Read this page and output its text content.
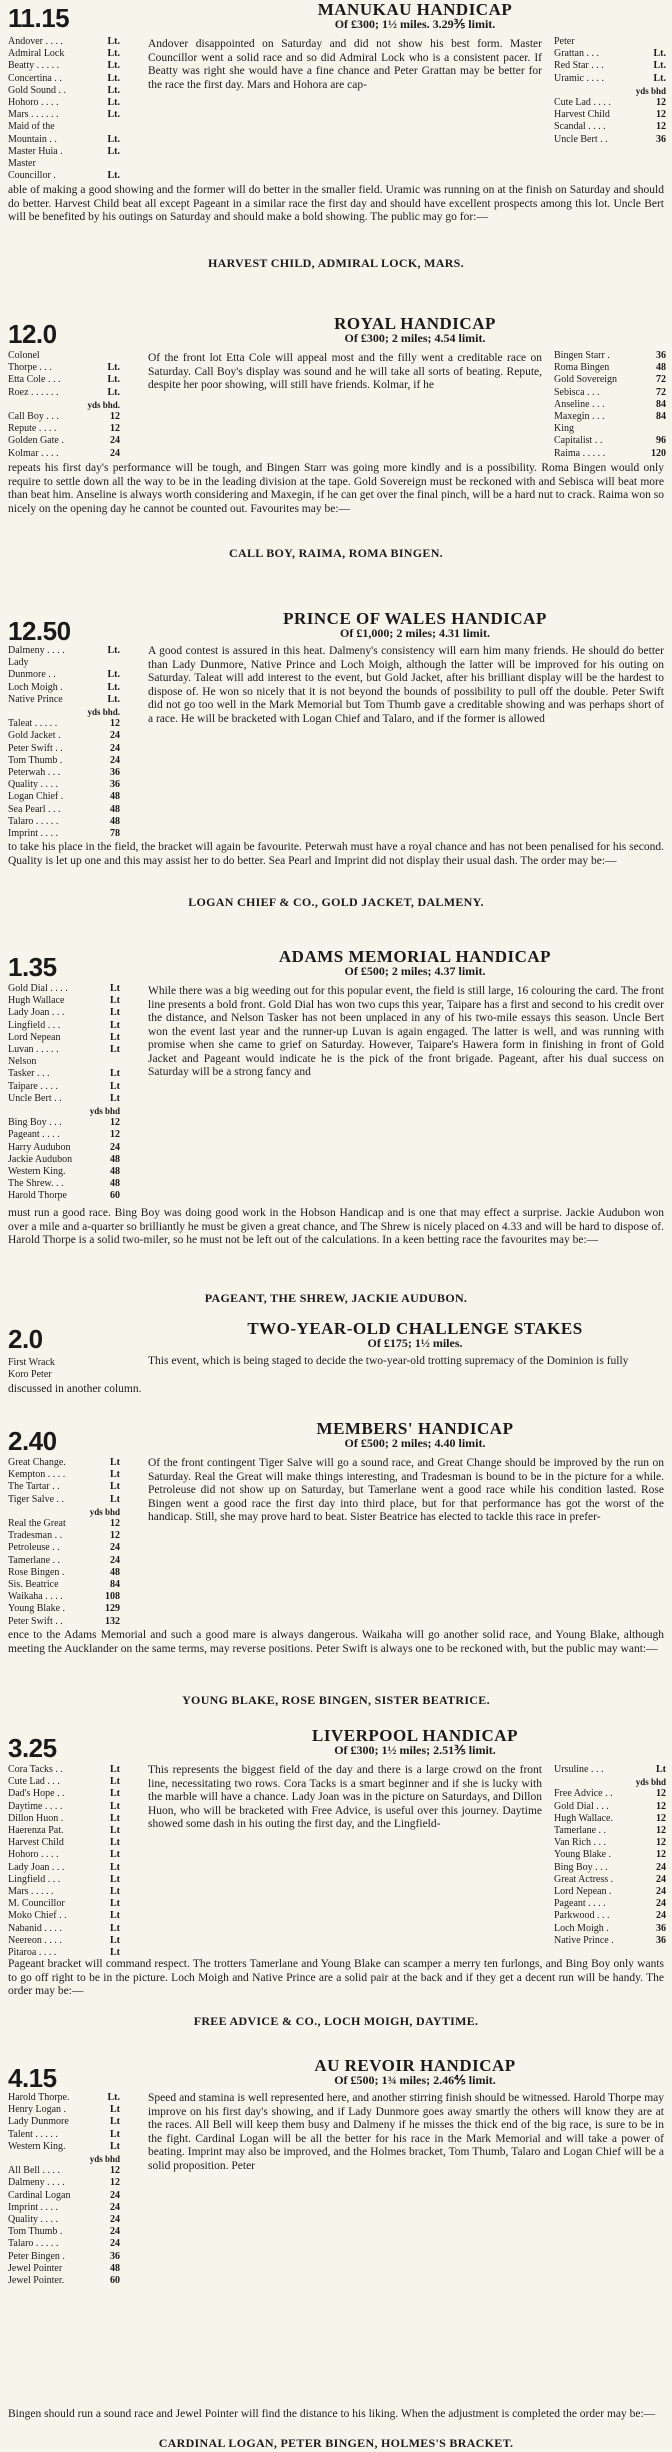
11.15	MANUKAU HANDICAP
Of £300; 1½ miles. 3.29⅗ limit.
Andover . . . .	Lt.
Admiral Lock	Lt.
Beatty . . . . .	Lt.
Concertina . .	Lt.
Gold Sound . .	Lt.
Hohoro . . . .	Lt.
Mars . . . . . .	Lt.
Maid of the
Mountain . .	Lt.
Master Huia .	Lt.
Master
Councillor .	Lt.
Peter
Grattan . . .	Lt.
Red Star . . .	Lt.
Uramic . . . .	Lt.
yds bhd
Cute Lad . . . .	12
Harvest Child	12
Scandal . . . .	12
Uncle Bert . .	36
Andover disappointed on Saturday and did not show his best form. Master Councillor went a solid race and so did Admiral Lock who is a consistent pacer. If Beatty was right she would have a fine chance and Peter Grattan may be better for the race the first day. Mars and Hohora are cap-
able of making a good showing and the former will do better in the smaller field. Uramic was running on at the finish on Saturday and should do better. Harvest Child beat all except Pageant in a similar race the first day and should have excellent prospects among this lot. Uncle Bert will be benefited by his outings on Saturday and should make a bold showing. The public may go for:—
HARVEST CHILD, ADMIRAL LOCK, MARS.
12.0	ROYAL HANDICAP
Of £300; 2 miles; 4.54 limit.
Colonel
Thorpe . . .	Lt.
Etta Cole . . .	Lt.
Roez . . . . . .	Lt.
yds bhd.
Call Boy . . .	12
Repute . . . .	12
Golden Gate .	24
Kolmar . . . .	24
Bingen Starr .	36
Roma Bingen	48
Gold Sovereign	72
Sebisca . . .	72
Anseline . . .	84
Maxegin . . .	84
King
Capitalist . .	96
Raima . . . . .	120
Of the front lot Etta Cole will appeal most and the filly went a creditable race on Saturday. Call Boy's display was sound and he will take all sorts of beating. Repute, despite her poor showing, will still have friends. Kolmar, if he
repeats his first day's performance will be tough, and Bingen Starr was going more kindly and is a possibility. Roma Bingen would only require to settle down all the way to be in the leading division at the tape. Gold Sovereign must be reckoned with and Sebisca will beat more than beat him. Anseline is always worth considering and Maxegin, if he can get over the final pinch, will be a hard nut to crack. Raima won so nicely on the opening day he cannot be counted out. Favourites may be:—
CALL BOY, RAIMA, ROMA BINGEN.
12.50	PRINCE OF WALES HANDICAP
Of £1,000; 2 miles; 4.31 limit.
Dalmeny . . . .	Lt.
Lady
Dunmore . .	Lt.
Loch Moigh .	Lt.
Native Prince	Lt.
yds bhd.
Taleat . . . . .	12
Gold Jacket .	24
Peter Swift . .	24
Tom Thumb .	24
Peterwah . . .	36
Quality . . . .	36
Logan Chief .	48
Sea Pearl . . .	48
Talaro . . . . .	48
Imprint . . . .	78
A good contest is assured in this heat. Dalmeny's consistency will earn him many friends. He should do better than Lady Dunmore, Native Prince and Loch Moigh, although the latter will be improved for his outing on Saturday. Taleat will add interest to the event, but Gold Jacket, after his brilliant display will be the hardest to dispose of. He won so nicely that it is not beyond the bounds of possibility to pull off the double. Peter Swift did not go too well in the Mark Memorial but Tom Thumb gave a creditable showing and was perhaps short of a race. He will be bracketed with Logan Chief and Talaro, and if the former is allowed
to take his place in the field, the bracket will again be favourite. Peterwah must have a royal chance and has not been penalised for his second. Quality is let up one and this may assist her to do better. Sea Pearl and Imprint did not display their usual dash. The order may be:—
LOGAN CHIEF & CO., GOLD JACKET, DALMENY.
1.35	ADAMS MEMORIAL HANDICAP
Of £500; 2 miles; 4.37 limit.
Gold Dial . . . .	Lt
Hugh Wallace	Lt
Lady Joan . . .	Lt
Lingfield . . .	Lt
Lord Nepean	Lt
Luvan . . . . .	Lt
Nelson
Tasker . . .	Lt
Taipare . . . .	Lt
Uncle Bert . .	Lt
yds bhd
Bing Boy . . .	12
Pageant . . . .	12
Harry Audubon	24
Jackie Audubon	48
Western King.	48
The Shrew. . .	48
Harold Thorpe	60
While there was a big weeding out for this popular event, the field is still large, 16 colouring the card. The front line presents a bold front. Gold Dial has won two cups this year, Taipare has a first and second to his credit over the distance, and Nelson Tasker has not been unplaced in any of his two-mile essays this season. Uncle Bert won the event last year and the runner-up Luvan is again engaged. The latter is well, and was running with promise when she came to grief on Saturday. However, Taipare's Hawera form in finishing in front of Gold Jacket and Pageant would indicate he is the pick of the front brigade. Pageant, after his dual success on Saturday will be a strong fancy and
must run a good race. Bing Boy was doing good work in the Hobson Handicap and is one that may effect a surprise. Jackie Audubon won over a mile and a-quarter so brilliantly he must be given a great chance, and The Shrew is nicely placed on 4.33 and will be hard to dispose of. Harold Thorpe is a solid two-miler, so he must not be left out of the calculations. In a keen betting race the favourites may be:—
PAGEANT, THE SHREW, JACKIE AUDUBON.
2.0	TWO-YEAR-OLD CHALLENGE STAKES
Of £175; 1½ miles.
First Wrack
Koro Peter
This event, which is being staged to decide the two-year-old trotting supremacy of the Dominion is fully
discussed in another column.
2.40	MEMBERS' HANDICAP
Of £500; 2 miles; 4.40 limit.
Great Change.	Lt
Kempton . . . .	Lt
The Tartar . .	Lt
Tiger Salve . .	Lt
yds bhd
Real the Great	12
Tradesman . .	12
Petroleuse . .	24
Tamerlane . .	24
Rose Bingen .	48
Sis. Beatrice	84
Waikaha . . . .	108
Young Blake .	129
Peter Swift . .	132
Of the front contingent Tiger Salve will go a sound race, and Great Change should be improved by the run on Saturday. Real the Great will make things interesting, and Tradesman is bound to be in the picture for a while. Petroleuse did not show up on Saturday, but Tamerlane went a good race while his condition lasted. Rose Bingen went a good race the first day into third place, but for that performance has got the worst of the handicap. Still, she may prove hard to beat. Sister Beatrice has elected to tackle this race in prefer-
ence to the Adams Memorial and such a good mare is always dangerous. Waikaha will go another solid race, and Young Blake, although meeting the Aucklander on the same terms, may reverse positions. Peter Swift is always one to be reckoned with, but the public may want:—
YOUNG BLAKE, ROSE BINGEN, SISTER BEATRICE.
3.25	LIVERPOOL HANDICAP
Of £300; 1½ miles; 2.51⅗ limit.
Cora Tacks . .	Lt
Cute Lad . . .	Lt
Dad's Hope . .	Lt
Daytime . . . .	Lt
Dillon Huon .	Lt
Haerenza Pat.	Lt
Harvest Child	Lt
Hohoro . . . .	Lt
Lady Joan . . .	Lt
Lingfield . . .	Lt
Mars . . . . .	Lt
M. Councillor	Lt
Moko Chief . .	Lt
Nabanid . . . .	Lt
Neereon . . . .	Lt
Pitaroa . . . .	Lt
Ursuline . . .	Lt
yds bhd
Free Advice . .	12
Gold Dial . . .	12
Hugh Wallace.	12
Tamerlane . .	12
Van Rich . . .	12
Young Blake .	12
Bing Boy . . .	24
Great Actress .	24
Lord Nepean .	24
Pageant . . . .	24
Parkwood . . .	24
Loch Moigh .	36
Native Prince .	36
This represents the biggest field of the day and there is a large crowd on the front line, necessitating two rows. Cora Tacks is a smart beginner and if she is lucky with the marble will have a chance. Lady Joan was in the picture on Saturdays, and Dillon Huon, who will be bracketed with Free Advice, is useful over this journey. Daytime showed some dash in his outing the first day, and the Lingfield-
Pageant bracket will command respect. The trotters Tamerlane and Young Blake can scamper a merry ten furlongs, and Bing Boy only wants to go off right to be in the picture. Loch Moigh and Native Prince are a solid pair at the back and if they get a decent run will be handy. The order may be:—
FREE ADVICE & CO., LOCH MOIGH, DAYTIME.
4.15	AU REVOIR HANDICAP
Of £500; 1¾ miles; 2.46⅘ limit.
Harold Thorpe.	Lt.
Henry Logan .	Lt
Lady Dunmore	Lt
Talent . . . . .	Lt
Western King.	Lt
yds bhd
All Bell . . . .	12
Dalmeny . . . .	12
Cardinal Logan	24
Imprint . . . .	24
Quality . . . .	24
Tom Thumb .	24
Talaro . . . . .	24
Peter Bingen .	36
Jewel Pointer	48
Jewel Pointer.	60
Speed and stamina is well represented here, and another stirring finish should be witnessed. Harold Thorpe may improve on his first day's showing, and if Lady Dunmore goes away smartly the others will know they are at the races. All Bell will keep them busy and Dalmeny if he misses the thick end of the big race, is sure to be in the fight. Cardinal Logan will be all the better for his race in the Mark Memorial and will take a power of beating. Imprint may also be improved, and the Holmes bracket, Tom Thumb, Talaro and Logan Chief will be a solid proposition. Peter
Bingen should run a sound race and Jewel Pointer will find the distance to his liking. When the adjustment is completed the order may be:—
CARDINAL LOGAN, PETER BINGEN, HOLMES'S BRACKET.
